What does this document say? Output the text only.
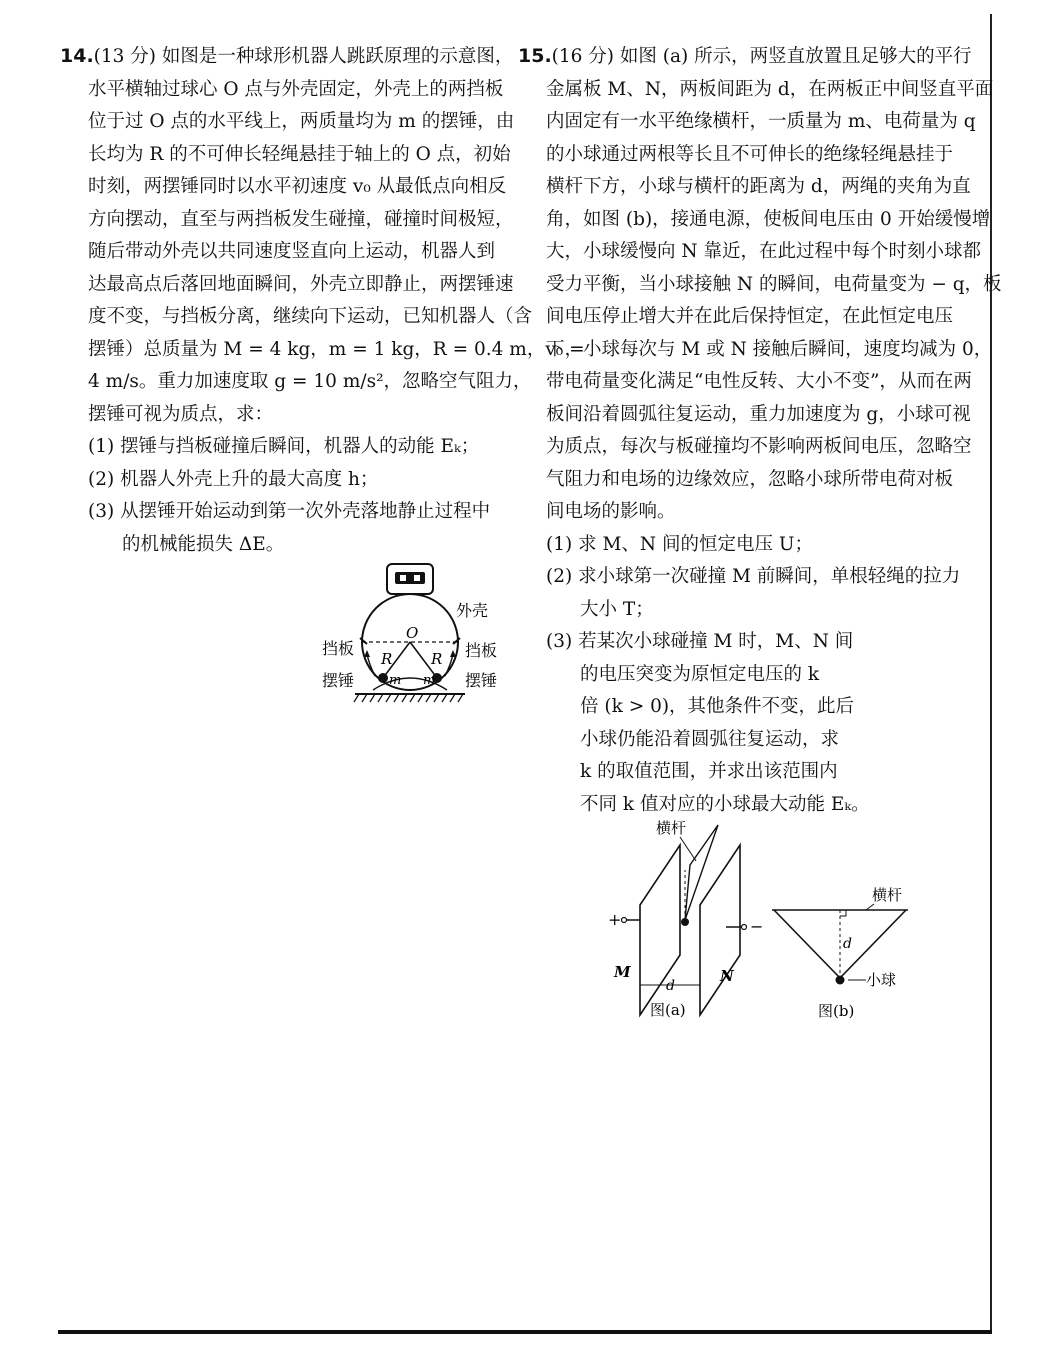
14.(13 分) 如图是一种球形机器人跳跃原理的示意图，
水平横轴过球心 O 点与外壳固定，外壳上的两挡板
位于过 O 点的水平线上，两质量均为 m 的摆锤，由
长均为 R 的不可伸长轻绳悬挂于轴上的 O 点，初始
时刻，两摆锤同时以水平初速度 v₀ 从最低点向相反
方向摆动，直至与两挡板发生碰撞，碰撞时间极短，
随后带动外壳以共同速度竖直向上运动，机器人到
达最高点后落回地面瞬间，外壳立即静止，两摆锤速
度不变，与挡板分离，继续向下运动，已知机器人（含
摆锤）总质量为 M = 4 kg，m = 1 kg，R = 0.4 m，v₀ =
4 m/s。重力加速度取 g = 10 m/s²，忽略空气阻力，
摆锤可视为质点，求：
(1) 摆锤与挡板碰撞后瞬间，机器人的动能 Eₖ；
(2) 机器人外壳上升的最大高度 h；
(3) 从摆锤开始运动到第一次外壳落地静止过程中
的机械能损失 ΔE。
外壳
挡板	挡板
摆锤	摆锤
O
R	R
m m
15.(16 分) 如图 (a) 所示，两竖直放置且足够大的平行
金属板 M、N，两板间距为 d，在两板正中间竖直平面
内固定有一水平绝缘横杆，一质量为 m、电荷量为 q
的小球通过两根等长且不可伸长的绝缘轻绳悬挂于
横杆下方，小球与横杆的距离为 d，两绳的夹角为直
角，如图 (b)，接通电源，使板间电压由 0 开始缓慢增
大，小球缓慢向 N 靠近，在此过程中每个时刻小球都
受力平衡，当小球接触 N 的瞬间，电荷量变为 − q，板
间电压停止增大并在此后保持恒定，在此恒定电压
下，小球每次与 M 或 N 接触后瞬间，速度均减为 0，
带电荷量变化满足“电性反转、大小不变”，从而在两
板间沿着圆弧往复运动，重力加速度为 g，小球可视
为质点，每次与板碰撞均不影响两板间电压，忽略空
气阻力和电场的边缘效应，忽略小球所带电荷对板
间电场的影响。
(1) 求 M、N 间的恒定电压 U；
(2) 求小球第一次碰撞 M 前瞬间，单根轻绳的拉力
大小 T；
(3) 若某次小球碰撞 M 时，M、N 间
的电压突变为原恒定电压的 k
倍 (k > 0)，其他条件不变，此后
小球仍能沿着圆弧往复运动，求
k 的取值范围，并求出该范围内
不同 k 值对应的小球最大动能 Eₖ。
横杆
+	−
M	N
d
图(a)
横杆
d
小球
图(b)
